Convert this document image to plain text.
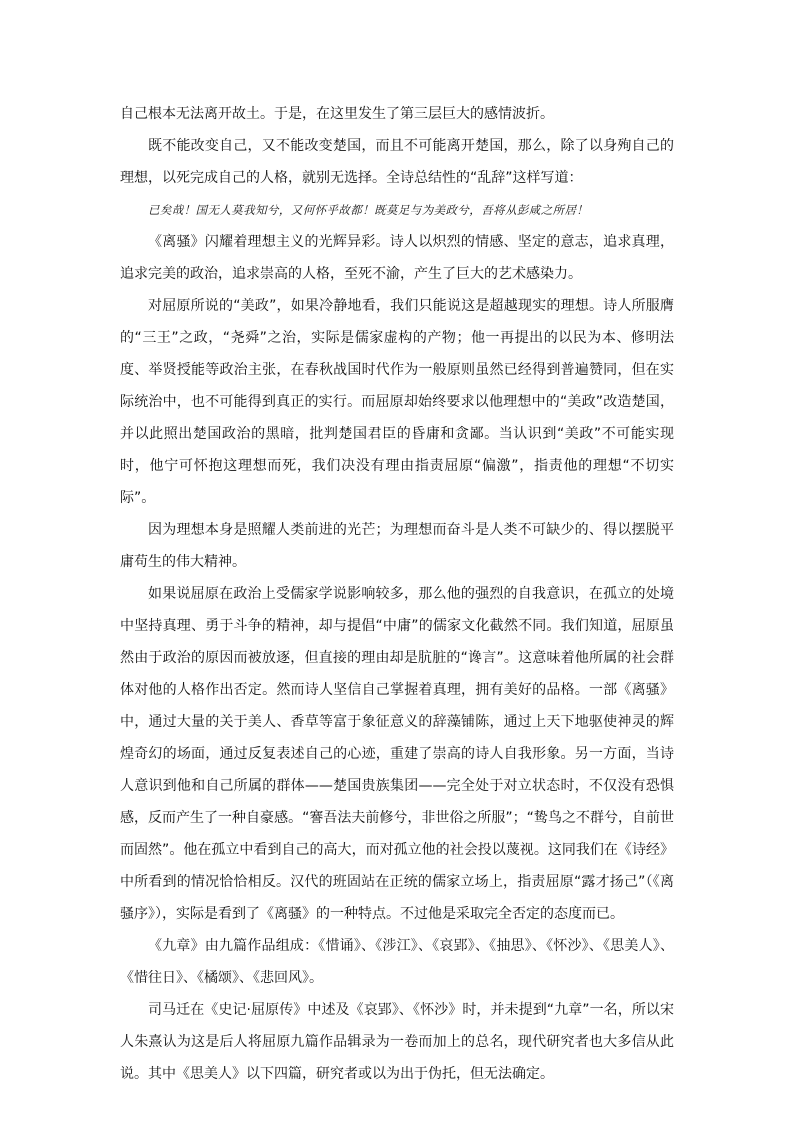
自己根本无法离开故土。于是，在这里发生了第三层巨大的感情波折。

既不能改变自己，又不能改变楚国，而且不可能离开楚国，那么，除了以身殉自己的理想，以死完成自己的人格，就别无选择。全诗总结性的“乱辞”这样写道：

已矣哉！国无人莫我知兮，又何怀乎故都！既莫足与为美政兮，吾将从彭咸之所居！

《离骚》闪耀着理想主义的光辉异彩。诗人以炽烈的情感、坚定的意志，追求真理，追求完美的政治，追求崇高的人格，至死不渝，产生了巨大的艺术感染力。

对屈原所说的“美政”，如果冷静地看，我们只能说这是超越现实的理想。诗人所服膺的“三王”之政，“尧舜”之治，实际是儒家虚构的产物；他一再提出的以民为本、修明法度、举贤授能等政治主张，在春秋战国时代作为一般原则虽然已经得到普遍赞同，但在实际统治中，也不可能得到真正的实行。而屈原却始终要求以他理想中的“美政”改造楚国，并以此照出楚国政治的黑暗，批判楚国君臣的昏庸和贪鄙。当认识到“美政”不可能实现时，他宁可怀抱这理想而死，我们决没有理由指责屈原“偏激”，指责他的理想“不切实际”。

因为理想本身是照耀人类前进的光芒；为理想而奋斗是人类不可缺少的、得以摆脱平庸苟生的伟大精神。

如果说屈原在政治上受儒家学说影响较多，那么他的强烈的自我意识，在孤立的处境中坚持真理、勇于斗争的精神，却与提倡“中庸”的儒家文化截然不同。我们知道，屈原虽然由于政治的原因而被放逐，但直接的理由却是肮脏的“谗言”。这意味着他所属的社会群体对他的人格作出否定。然而诗人坚信自己掌握着真理，拥有美好的品格。一部《离骚》中，通过大量的关于美人、香草等富于象征意义的辞藻铺陈，通过上天下地驱使神灵的辉煌奇幻的场面，通过反复表述自己的心迹，重建了崇高的诗人自我形象。另一方面，当诗人意识到他和自己所属的群体——楚国贵族集团——完全处于对立状态时，不仅没有恐惧感，反而产生了一种自豪感。“謇吾法夫前修兮，非世俗之所服”；“鸷鸟之不群兮，自前世而固然”。他在孤立中看到自己的高大，而对孤立他的社会投以蔑视。这同我们在《诗经》中所看到的情况恰恰相反。汉代的班固站在正统的儒家立场上，指责屈原“露才扬己”（《离骚序》），实际是看到了《离骚》的一种特点。不过他是采取完全否定的态度而已。

《九章》由九篇作品组成：《惜诵》、《涉江》、《哀郢》、《抽思》、《怀沙》、《思美人》、《惜往日》、《橘颂》、《悲回风》。

司马迁在《史记·屈原传》中述及《哀郢》、《怀沙》时，并未提到“九章”一名，所以宋人朱熹认为这是后人将屈原九篇作品辑录为一卷而加上的总名，现代研究者也大多信从此说。其中《思美人》以下四篇，研究者或以为出于伪托，但无法确定。
